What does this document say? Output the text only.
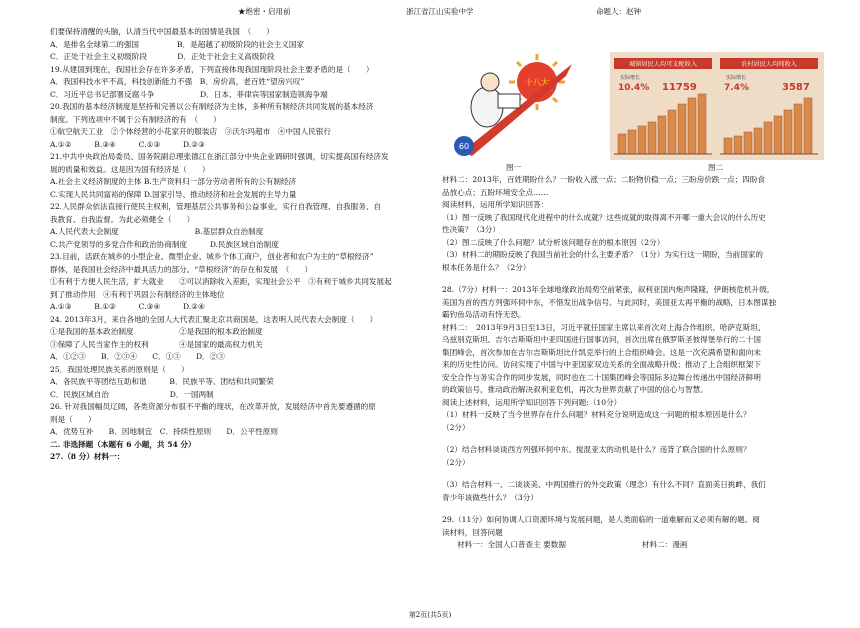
★绝密・启用前	浙江省江山实验中学	命题人：赵钟

们要保持清醒的头脑，认清当代中国最基本的国情是我国　（　　）

A．是排名全球第二的强国　　　　　B．是超越了初级阶段的社会主义国家

C．正处于社会主义初级阶段　　　　D．正处于社会主义高级阶段

19.从建国到现在，我国社会存在许多矛盾，下列直接体现我国现阶段社会主要矛盾的是（　　）

A．我国科技水平不高，科技创新能力不强　B．房价高，老百姓“望房兴叹”

C．习近平总书记部署反腐斗争　　　　　　D．日本、菲律宾等国家制造领海争端

20.我国的基本经济制度是坚持和完善以公有制经济为主体，多种所有制经济共同发展的基本经济

制度。下列选项中不属于公有制经济的有　（　　）

①航空航天工业　②个体经营的小花家开的服装店　③沃尔玛超市　④中国人民银行

A.①②　　　B.③④　　　C.①③　　　D.②③

21.中共中央政治局委员、国务院副总理张德江在浙江部分中央企业调研时强调，切实提高国有经济发

展的质量和效益。这是因为国有经济是（　　）

A.社会主义经济制度的主体 B.生产资料归一部分劳动者所有的公有制经济

C.实现人民共同富裕的保障 D.国家引导、推动经济和社会发展的主导力量

22.人民群众依法直接行使民主权利，管理基层公共事务和公益事业，实行自我管理、自我服务、自

我教育、自我监督。为此必须健全（　　）

A.人民代表大会制度　　　　　　　　　　B.基层群众自治制度

C.共产党领导的多党合作和政治协商制度　　　D.民族区域自治制度

23.目前，活跃在城乡的小型企业、微型企业、城乡个体工商户，创业者和农户为主的“草根经济”

群体，是我国社会经济中最具活力的部分。“草根经济”的存在和发展　（　　）

①有利于方便人民生活，扩大就业　　②可以消除收入差距，实现社会公平　③有利于城乡共同发展起

到了推动作用　④有利于巩固公有制经济的主体地位

A.①③　　　B.①②　　　C.③④　　　D.②④

24. 2013年3月，来自各地的全国人大代表汇聚北京共商国是，这表明人民代表大会制度（　　）

①是我国的基本政治制度　　　　　　②是我国的根本政治制度

③保障了人民当家作主的权利　　　　④是国家的最高权力机关

A．①②③　　B．②③④　　C．①③　　D．②③

25．我国处理民族关系的原则是（　　）

A．各民族平等团结互助和谐　　　B．民族平等、团结和共同繁荣

C．民族区域自治　　　　　　　　D．一国两制

26. 针对我国幅员辽阔，各类资源分布很不平衡的现状，在改革开放，发展经济中首先要遵循的原

则是（　　）

A．优势互补　　B．因地制宜　C．持续性原则　　D．公平性原则

二. 非选择题（本题有 6 小题，共 54 分）

27.（8 分）材料一：

十八大
60
城镇居民人均可支配收入	农村居民人均纯收入
实际增长
10.4% 11759
实际增长
7.4%	3587
图一	图二

材料二：2013年，百姓期盼什么？一盼收入涨一点；二盼物价稳一点；三盼房价跌一点；四盼食

品放心点；五盼环境安全点……

阅读材料，运用所学知识回答：

（1）图一反映了我国现代化进程中的什么成就？这些成就的取得离不开哪一重大会议的什么历史

性决策？（3分）

（2）图二反映了什么问题？试分析该问题存在的根本原因（2分）

（3）材料二的期盼反映了我国当前社会的什么主要矛盾？（1分）为实行这一期盼，当前国家的

根本任务是什么？（2分）

28.（7分）材料一：2013年全球地缘政治局势空前紧张，叙利亚国内炮声隆隆，伊朗核危机升级，

美国为首的西方列强环伺中东，不惜发出战争信号。与此同时，美国亚太再平衡的战略，日本图谋独

霸钓鱼岛活动有恃无恐。

材料二：　2013年9月3日至13日，习近平就任国家主席以来首次对上海合作组织、哈萨克斯坦、

乌兹别克斯坦、吉尔吉斯斯坦中亚四国进行国事访问，首次出席在俄罗斯圣彼得堡举行的二十国

集团峰会，首次参加在吉尔吉斯斯坦比什凯克举行的上合组织峰会。这是一次充满希望和面向未

来的历史性访问。访问实现了中国与中亚国家双边关系的全面战略升级；推动了上合组织框架下

安全合作与务实合作的同步发展，同时也在二十国集团峰会等国际多边舞台传递出中国经济鲜明

的政策信号，推动政治解决叙利亚危机，再次为世界贡献了中国的信心与智慧。

阅读上述材料，运用所学知识回答下列问题:（10分）

（1）材料一反映了当今世界存在什么问题？材料充分说明造成这一问题的根本原因是什么？

（2分）

（2）结合材料谈谈西方列强环伺中东、搅混亚太的动机是什么？违背了联合国的什么原则？

（2分）

（3）结合材料一、二谈谈美、中两国推行的外交政策（理念）有什么不同？直面美日挑衅，我们

青少年该做些什么？（3分）

29.（11分）如何协调人口资源环境与发展问题，是人类面临的一道难解而又必须有解的题。阅

读材料，回答问题

　　材料一：全国人口普查主 要数据　　　　　　　　　　材料二：漫画

第2页(共5页)
